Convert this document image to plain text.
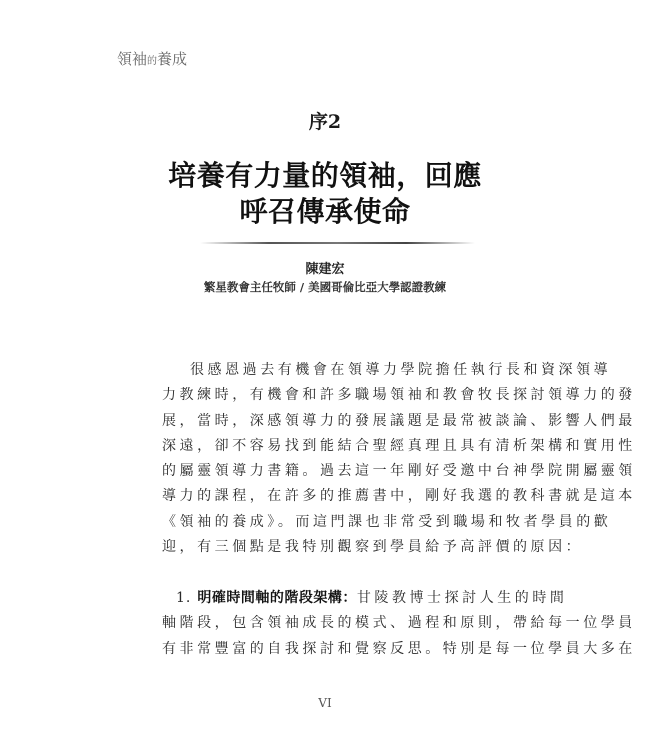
領袖的養成
序2
培養有力量的領袖，回應
呼召傳承使命
陳建宏
繁星教會主任牧師 / 美國哥倫比亞大學認證教練
很感恩過去有機會在領導力學院擔任執行長和資深領導
力教練時，有機會和許多職場領袖和教會牧長探討領導力的發
展，當時，深感領導力的發展議題是最常被談論、影響人們最
深遠，卻不容易找到能結合聖經真理且具有清析架構和實用性
的屬靈領導力書籍。過去這一年剛好受邀中台神學院開屬靈領
導力的課程，在許多的推薦書中，剛好我選的教科書就是這本
《領袖的養成》。而這門課也非常受到職場和牧者學員的歡
迎，有三個點是我特別觀察到學員給予高評價的原因：
1. 明確時間軸的階段架構：甘陵教博士探討人生的時間
軸階段，包含領袖成長的模式、過程和原則，帶給每一位學員
有非常豐富的自我探討和覺察反思。特別是每一位學員大多在
VI
